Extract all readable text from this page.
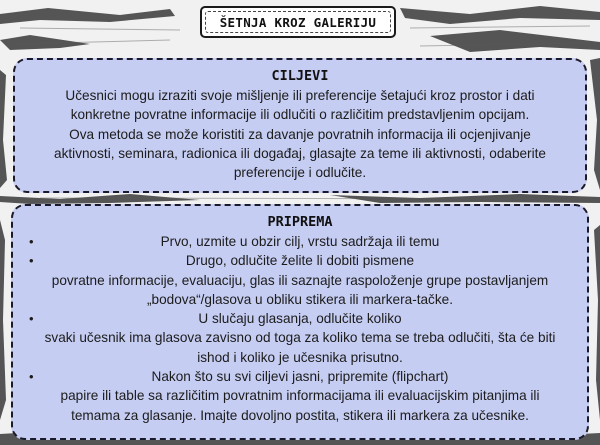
ŠETNJA KROZ GALERIJU
CILJEVI
Učesnici mogu izraziti svoje mišljenje ili preferencije šetajući kroz prostor i dati
konkretne povratne informacije ili odlučiti o različitim predstavljenim opcijam.
Ova metoda se može koristiti za davanje povratnih informacija ili ocjenjivanje
aktivnosti, seminara, radionica ili događaj, glasajte za teme ili aktivnosti, odaberite
preferencije i odlučite.
PRIPREMA
•	Prvo, uzmite u obzir cilj, vrstu sadržaja ili temu
•	Drugo, odlučite želite li dobiti pismene
povratne informacije, evaluaciju, glas ili saznajte raspoloženje grupe postavljanjem
„bodova“/glasova u obliku stikera ili markera-tačke.
•	U slučaju glasanja, odlučite koliko
svaki učesnik ima glasova zavisno od toga za koliko tema se treba odlučiti, šta će biti
ishod i koliko je učesnika prisutno.
•	Nakon što su svi ciljevi jasni, pripremite (flipchart)
papire ili table sa različitim povratnim informacijama ili evaluacijskim pitanjima ili
temama za glasanje. Imajte dovoljno postita, stikera ili markera za učesnike.
